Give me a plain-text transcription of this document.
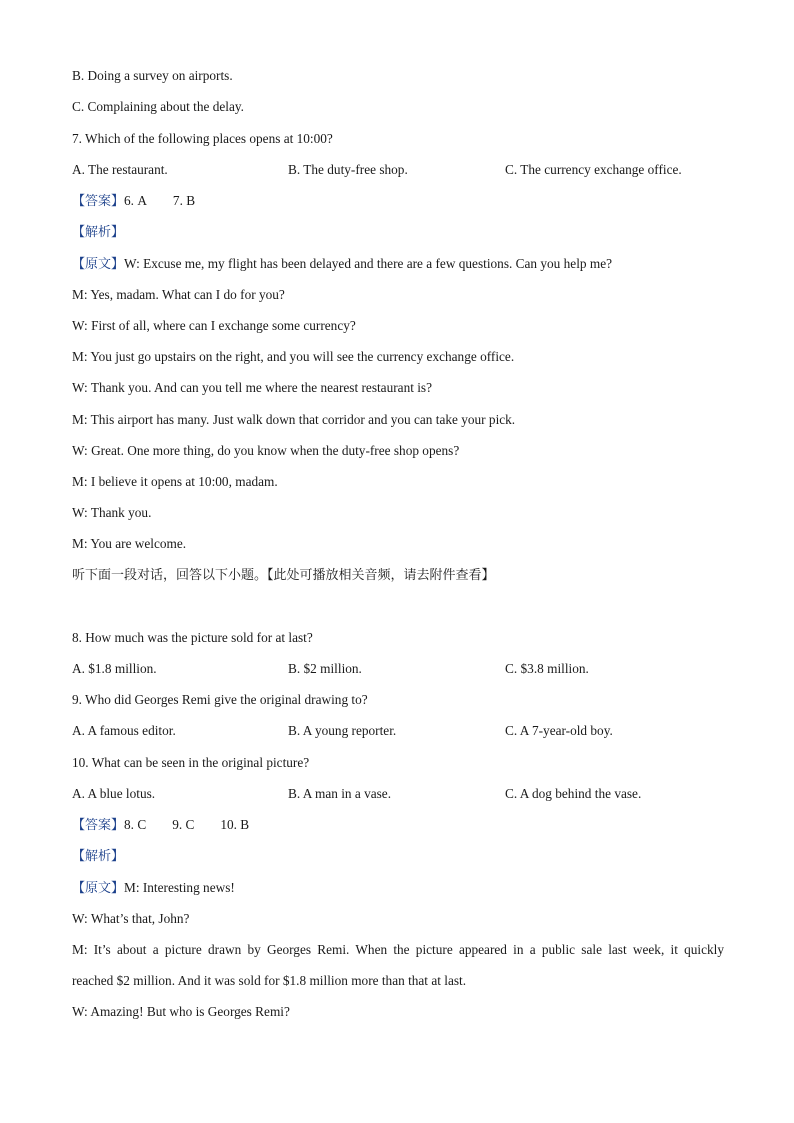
B. Doing a survey on airports.
C. Complaining about the delay.
7. Which of the following places opens at 10:00?
A. The restaurant.	B. The duty-free shop.	C. The currency exchange office.
【答案】6. A 7. B
【解析】
【原文】W: Excuse me, my flight has been delayed and there are a few questions. Can you help me?
M: Yes, madam. What can I do for you?
W: First of all, where can I exchange some currency?
M: You just go upstairs on the right, and you will see the currency exchange office.
W: Thank you. And can you tell me where the nearest restaurant is?
M: This airport has many. Just walk down that corridor and you can take your pick.
W: Great. One more thing, do you know when the duty-free shop opens?
M: I believe it opens at 10:00, madam.
W: Thank you.
M: You are welcome.
听下面一段对话，回答以下小题。【此处可播放相关音频，请去附件查看】
8. How much was the picture sold for at last?
A. $1.8 million.	B. $2 million.	C. $3.8 million.
9. Who did Georges Remi give the original drawing to?
A. A famous editor.	B. A young reporter.	C. A 7-year-old boy.
10. What can be seen in the original picture?
A. A blue lotus.	B. A man in a vase.	C. A dog behind the vase.
【答案】8. C 9. C 10. B
【解析】
【原文】M: Interesting news!
W: What’s that, John?
M: It’s about a picture drawn by Georges Remi. When the picture appeared in a public sale last week, it quickly
reached $2 million. And it was sold for $1.8 million more than that at last.
W: Amazing! But who is Georges Remi?
